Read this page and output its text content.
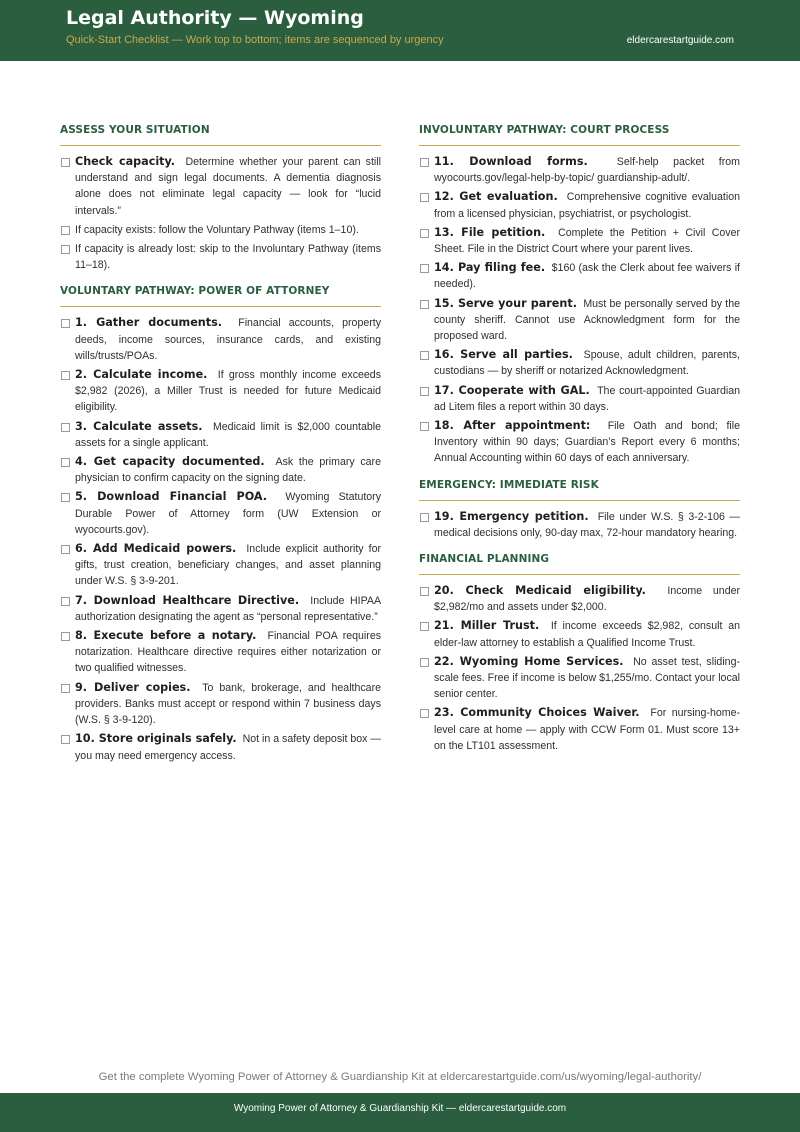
Legal Authority — Wyoming
Quick-Start Checklist — Work top to bottom; items are sequenced by urgency	eldercarestartguide.com
ASSESS YOUR SITUATION
Check capacity. Determine whether your parent can still understand and sign legal documents. A dementia diagnosis alone does not eliminate legal capacity — look for “lucid intervals.”
If capacity exists: follow the Voluntary Pathway (items 1–10).
If capacity is already lost: skip to the Involuntary Pathway (items 11–18).
VOLUNTARY PATHWAY: POWER OF ATTORNEY
1. Gather documents. Financial accounts, property deeds, income sources, insurance cards, and existing wills/trusts/POAs.
2. Calculate income. If gross monthly income exceeds $2,982 (2026), a Miller Trust is needed for future Medicaid eligibility.
3. Calculate assets. Medicaid limit is $2,000 countable assets for a single applicant.
4. Get capacity documented. Ask the primary care physician to confirm capacity on the signing date.
5. Download Financial POA. Wyoming Statutory Durable Power of Attorney form (UW Extension or wyocourts.gov).
6. Add Medicaid powers. Include explicit authority for gifts, trust creation, beneficiary changes, and asset planning under W.S. § 3-9-201.
7. Download Healthcare Directive. Include HIPAA authorization designating the agent as “personal representative.”
8. Execute before a notary. Financial POA requires notarization. Healthcare directive requires either notarization or two qualified witnesses.
9. Deliver copies. To bank, brokerage, and healthcare providers. Banks must accept or respond within 7 business days (W.S. § 3-9-120).
10. Store originals safely. Not in a safety deposit box — you may need emergency access.
INVOLUNTARY PATHWAY: COURT PROCESS
11. Download forms.	Self-help packet from wyocourts.gov/legal-help-by-topic/ guardianship-adult/.
12. Get evaluation. Comprehensive cognitive evaluation from a licensed physician, psychiatrist, or psychologist.
13. File petition. Complete the Petition + Civil Cover Sheet. File in the District Court where your parent lives.
14. Pay filing fee. $160 (ask the Clerk about fee waivers if needed).
15. Serve your parent. Must be personally served by the county sheriff. Cannot use Acknowledgment form for the proposed ward.
16. Serve all parties. Spouse, adult children, parents, custodians — by sheriff or notarized Acknowledgment.
17. Cooperate with GAL. The court-appointed Guardian ad Litem files a report within 30 days.
18. After appointment: File Oath and bond; file Inventory within 90 days; Guardian’s Report every 6 months; Annual Accounting within 60 days of each anniversary.
EMERGENCY: IMMEDIATE RISK
19. Emergency petition. File under W.S. § 3-2-106 — medical decisions only, 90-day max, 72-hour mandatory hearing.
FINANCIAL PLANNING
20. Check Medicaid eligibility. Income under $2,982/mo and assets under $2,000.
21. Miller Trust. If income exceeds $2,982, consult an elder-law attorney to establish a Qualified Income Trust.
22. Wyoming Home Services. No asset test, sliding-scale fees. Free if income is below $1,255/mo. Contact your local senior center.
23. Community Choices Waiver. For nursing-home-level care at home — apply with CCW Form 01. Must score 13+ on the LT101 assessment.
Get the complete Wyoming Power of Attorney & Guardianship Kit at eldercarestartguide.com/us/wyoming/legal-authority/
Wyoming Power of Attorney & Guardianship Kit — eldercarestartguide.com
